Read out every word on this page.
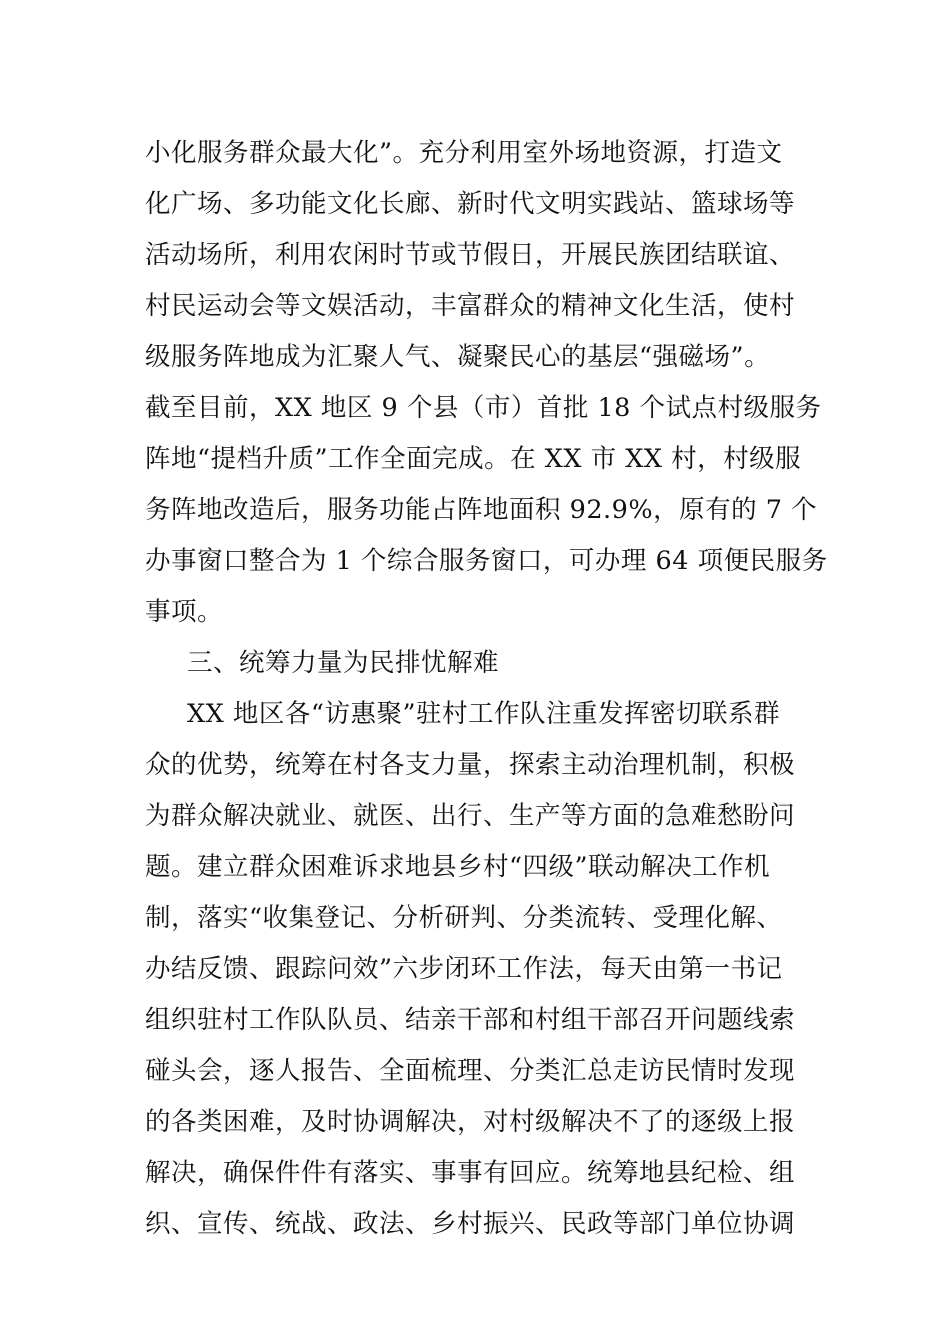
小化服务群众最大化”。充分利用室外场地资源，打造文
化广场、多功能文化长廊、新时代文明实践站、篮球场等
活动场所，利用农闲时节或节假日，开展民族团结联谊、
村民运动会等文娱活动，丰富群众的精神文化生活，使村
级服务阵地成为汇聚人气、凝聚民心的基层“强磁场”。
截至目前，XX 地区 9 个县（市）首批 18 个试点村级服务
阵地“提档升质”工作全面完成。在 XX 市 XX 村，村级服
务阵地改造后，服务功能占阵地面积 92.9%，原有的 7 个
办事窗口整合为 1 个综合服务窗口，可办理 64 项便民服务
事项。
三、统筹力量为民排忧解难
XX 地区各“访惠聚”驻村工作队注重发挥密切联系群
众的优势，统筹在村各支力量，探索主动治理机制，积极
为群众解决就业、就医、出行、生产等方面的急难愁盼问
题。建立群众困难诉求地县乡村“四级”联动解决工作机
制，落实“收集登记、分析研判、分类流转、受理化解、
办结反馈、跟踪问效”六步闭环工作法，每天由第一书记
组织驻村工作队队员、结亲干部和村组干部召开问题线索
碰头会，逐人报告、全面梳理、分类汇总走访民情时发现
的各类困难，及时协调解决，对村级解决不了的逐级上报
解决，确保件件有落实、事事有回应。统筹地县纪检、组
织、宣传、统战、政法、乡村振兴、民政等部门单位协调
